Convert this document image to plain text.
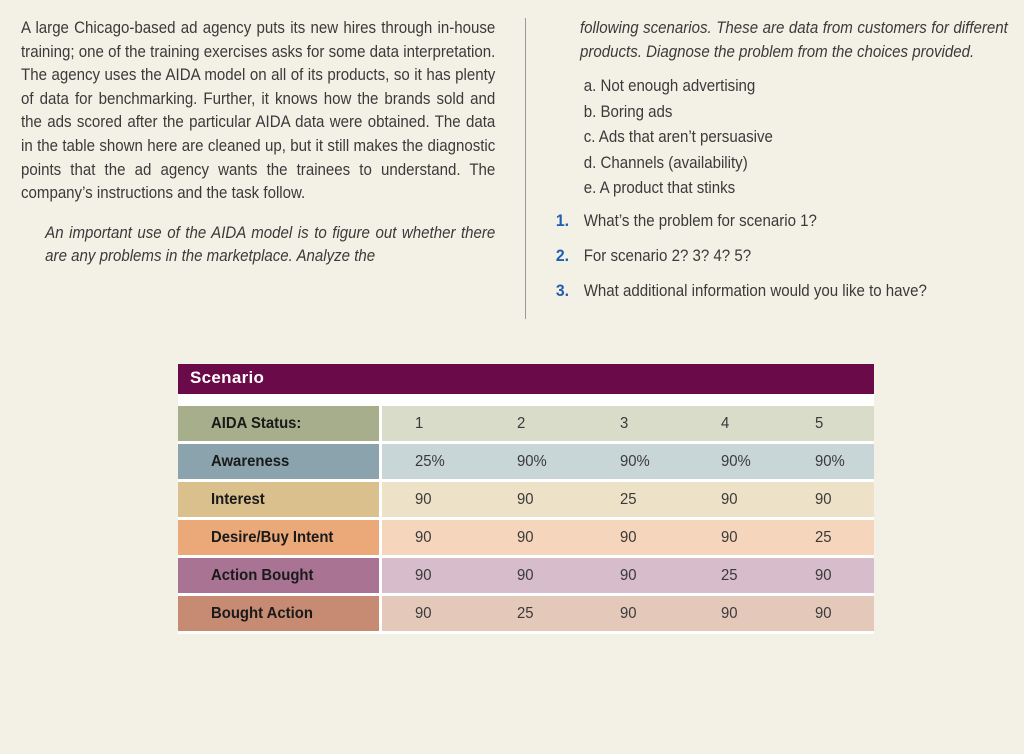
A large Chicago-based ad agency puts its new hires through in-house training; one of the training exercises asks for some data interpretation. The agency uses the AIDA model on all of its products, so it has plenty of data for benchmarking. Further, it knows how the brands sold and the ads scored after the particular AIDA data were obtained. The data in the table shown here are cleaned up, but it still makes the diagnostic points that the ad agency wants the trainees to understand. The company’s instructions and the task follow.

An important use of the AIDA model is to figure out whether there are any problems in the marketplace. Analyze the

following scenarios. These are data from customers for different products. Diagnose the problem from the choices provided.

a. Not enough advertising
b. Boring ads
c. Ads that aren’t persuasive
d. Channels (availability)
e. A product that stinks
1. What’s the problem for scenario 1?
2. For scenario 2? 3? 4? 5?
3. What additional information would you like to have?
Scenario
AIDA Status:	1	2	3	4	5
Awareness	25%	90%	90%	90%	90%
Interest	90	90	25	90	90
Desire/Buy Intent	90	90	90	90	25
Action Bought	90	90	90	25	90
Bought Action	90	25	90	90	90
